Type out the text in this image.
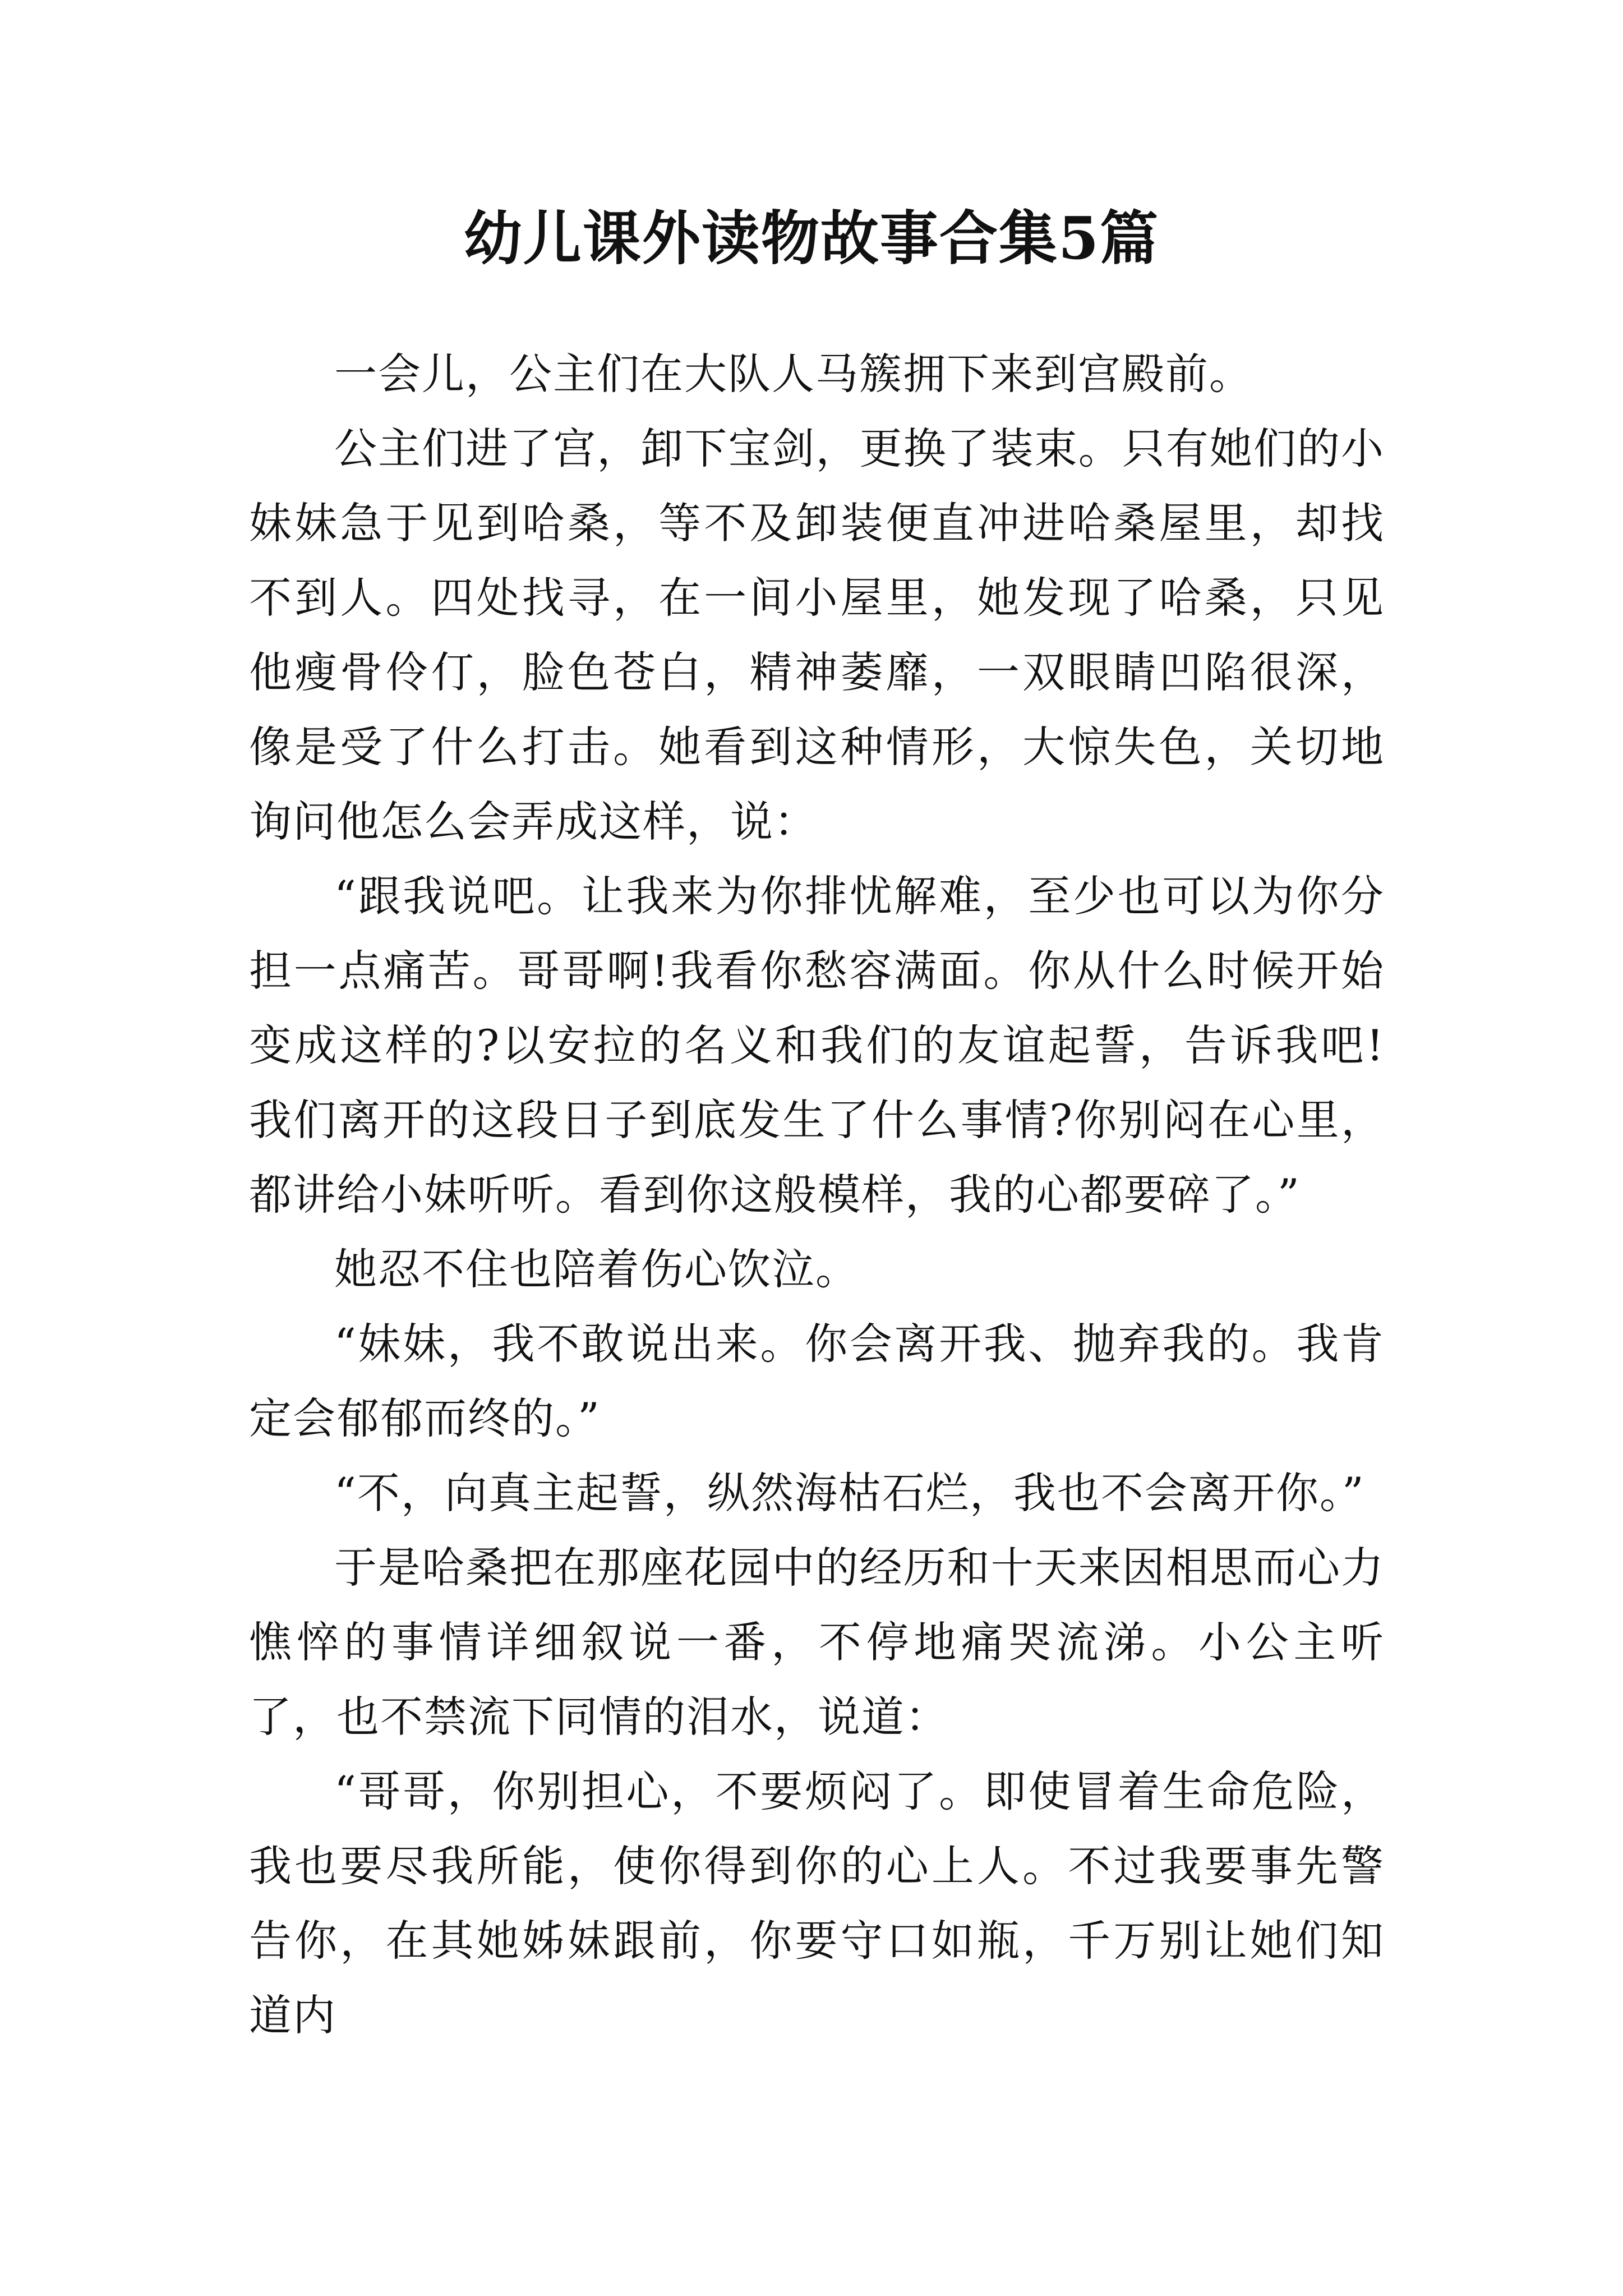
幼儿课外读物故事合集5篇

一会儿，公主们在大队人马簇拥下来到宫殿前。

公主们进了宫，卸下宝剑，更换了装束。只有她们的小妹妹急于见到哈桑，等不及卸装便直冲进哈桑屋里，却找不到人。四处找寻，在一间小屋里，她发现了哈桑，只见他瘦骨伶仃，脸色苍白，精神萎靡，一双眼睛凹陷很深，像是受了什么打击。她看到这种情形，大惊失色，关切地询问他怎么会弄成这样，说：

“跟我说吧。让我来为你排忧解难，至少也可以为你分担一点痛苦。哥哥啊!我看你愁容满面。你从什么时候开始变成这样的?以安拉的名义和我们的友谊起誓，告诉我吧!我们离开的这段日子到底发生了什么事情?你别闷在心里，都讲给小妹听听。看到你这般模样，我的心都要碎了。”

她忍不住也陪着伤心饮泣。

“妹妹，我不敢说出来。你会离开我、抛弃我的。我肯定会郁郁而终的。”

“不，向真主起誓，纵然海枯石烂，我也不会离开你。”

于是哈桑把在那座花园中的经历和十天来因相思而心力憔悴的事情详细叙说一番，不停地痛哭流涕。小公主听了，也不禁流下同情的泪水，说道：

“哥哥，你别担心，不要烦闷了。即使冒着生命危险，我也要尽我所能，使你得到你的心上人。不过我要事先警告你，在其她姊妹跟前，你要守口如瓶，千万别让她们知道内
